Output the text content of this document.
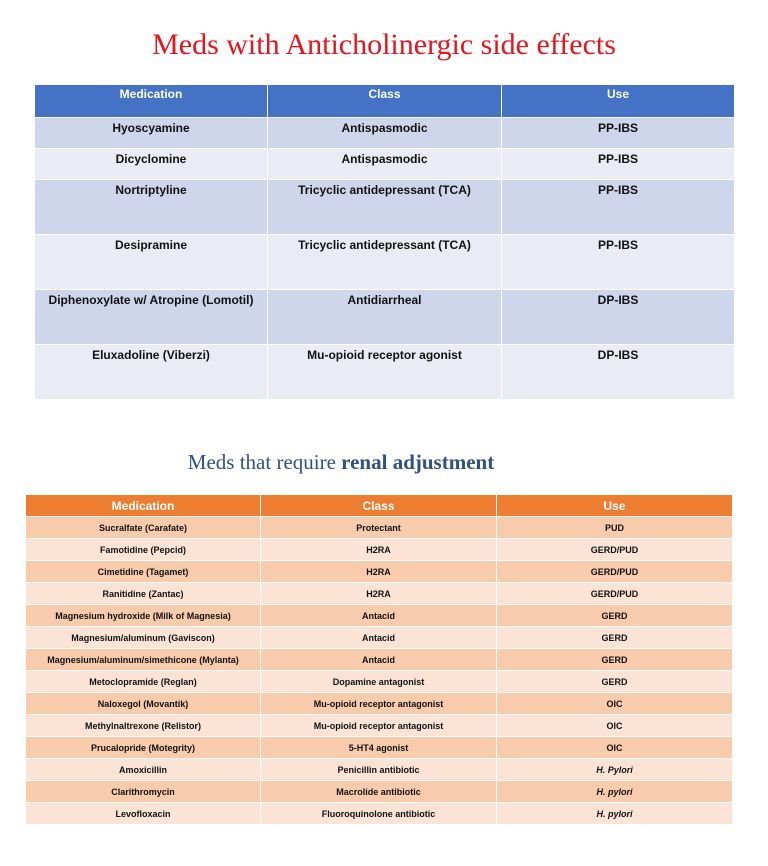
Meds with Anticholinergic side effects
Medication	Class	Use
Hyoscyamine	Antispasmodic	PP-IBS
Dicyclomine	Antispasmodic	PP-IBS
Nortriptyline	Tricyclic antidepressant (TCA)	PP-IBS
Desipramine	Tricyclic antidepressant (TCA)	PP-IBS
Diphenoxylate w/ Atropine (Lomotil)	Antidiarrheal	DP-IBS
Eluxadoline (Viberzi)	Mu-opioid receptor agonist	DP-IBS
Meds that require renal adjustment
Medication	Class	Use
Sucralfate (Carafate)	Protectant	PUD
Famotidine (Pepcid)	H2RA	GERD/PUD
Cimetidine (Tagamet)	H2RA	GERD/PUD
Ranitidine (Zantac)	H2RA	GERD/PUD
Magnesium hydroxide (Milk of Magnesia)	Antacid	GERD
Magnesium/aluminum (Gaviscon)	Antacid	GERD
Magnesium/aluminum/simethicone (Mylanta)	Antacid	GERD
Metoclopramide (Reglan)	Dopamine antagonist	GERD
Naloxegol (Movantik)	Mu-opioid receptor antagonist	OIC
Methylnaltrexone (Relistor)	Mu-opioid receptor antagonist	OIC
Prucalopride (Motegrity)	5-HT4 agonist	OIC
Amoxicillin	Penicillin antibiotic	H. Pylori
Clarithromycin	Macrolide antibiotic	H. pylori
Levofloxacin	Fluoroquinolone antibiotic	H. pylori
